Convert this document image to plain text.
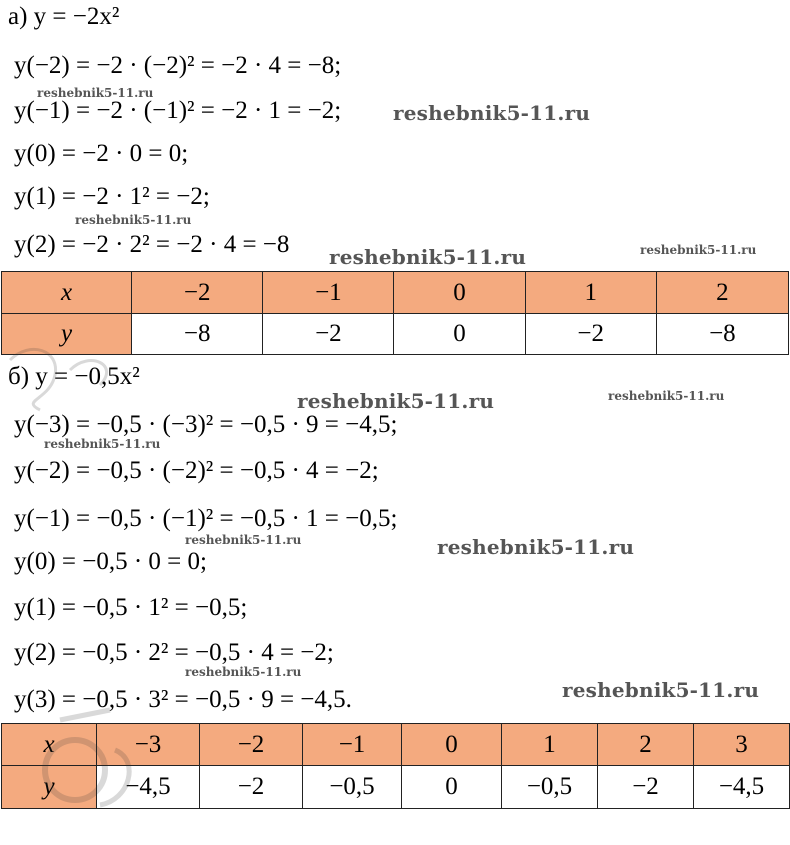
а) y = −2x²
y(−2) = −2 · (−2)² = −2 · 4 = −8;
y(−1) = −2 · (−1)² = −2 · 1 = −2;
y(0) = −2 · 0 = 0;
y(1) = −2 · 1² = −2;
y(2) = −2 · 2² = −2 · 4 = −8
x	−2	−1	0	1	2
y	−8	−2	0	−2	−8
б) y = −0,5x²
y(−3) = −0,5 · (−3)² = −0,5 · 9 = −4,5;
y(−2) = −0,5 · (−2)² = −0,5 · 4 = −2;
y(−1) = −0,5 · (−1)² = −0,5 · 1 = −0,5;
y(0) = −0,5 · 0 = 0;
y(1) = −0,5 · 1² = −0,5;
y(2) = −0,5 · 2² = −0,5 · 4 = −2;
y(3) = −0,5 · 3² = −0,5 · 9 = −4,5.
x	−3	−2	−1	0	1	2	3
y	−4,5	−2	−0,5	0	−0,5	−2	−4,5
reshebnik5-11.ru
reshebnik5-11.ru
reshebnik5-11.ru
reshebnik5-11.ru	reshebnik5-11.ru
reshebnik5-11.ru	reshebnik5-11.ru
reshebnik5-11.ru
reshebnik5-11.ru	reshebnik5-11.ru
reshebnik5-11.ru
reshebnik5-11.ru
